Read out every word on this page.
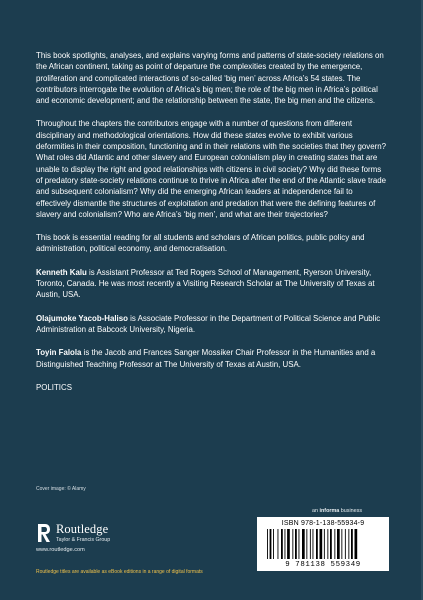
This book spotlights, analyses, and explains varying forms and patterns of state-society relations on the African continent, taking as point of departure the complexities created by the emergence, proliferation and complicated interactions of so-called ‘big men’ across Africa’s 54 states. The contributors interrogate the evolution of Africa’s big men; the role of the big men in Africa’s political and economic development; and the relationship between the state, the big men and the citizens.

Throughout the chapters the contributors engage with a number of questions from different disciplinary and methodological orientations. How did these states evolve to exhibit various deformities in their composition, functioning and in their relations with the societies that they govern? What roles did Atlantic and other slavery and European colonialism play in creating states that are unable to display the right and good relationships with citizens in civil society? Why did these forms of predatory state-society relations continue to thrive in Africa after the end of the Atlantic slave trade and subsequent colonialism? Why did the emerging African leaders at independence fail to effectively dismantle the structures of exploitation and predation that were the defining features of slavery and colonialism? Who are Africa’s ‘big men’, and what are their trajectories?

This book is essential reading for all students and scholars of African politics, public policy and administration, political economy, and democratisation.

Kenneth Kalu is Assistant Professor at Ted Rogers School of Management, Ryerson University, Toronto, Canada. He was most recently a Visiting Research Scholar at The University of Texas at Austin, USA.

Olajumoke Yacob-Haliso is Associate Professor in the Department of Political Science and Public Administration at Babcock University, Nigeria.

Toyin Falola is the Jacob and Frances Sanger Mossiker Chair Professor in the Humanities and a Distinguished Teaching Professor at The University of Texas at Austin, USA.

POLITICS

Cover image: © Alamy
an informa business
Routledge
Taylor & Francis Group
www.routledge.com
Routledge titles are available as eBook editions in a range of digital formats
ISBN 978-1-138-55934-9
9 781138 559349
